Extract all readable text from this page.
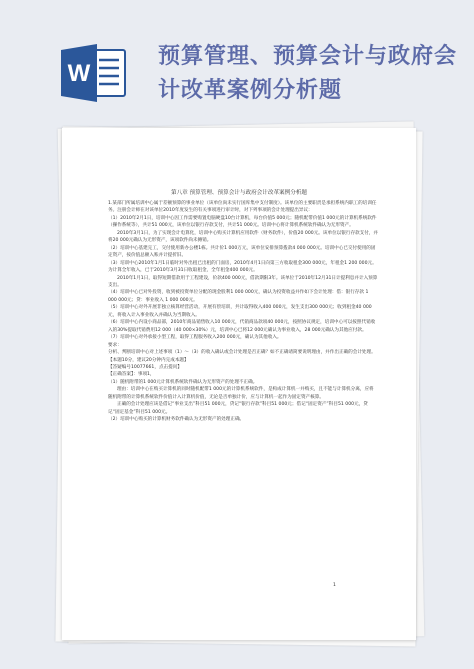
W
预算管理、预算会计与政府会
计改革案例分析题
第八章 预算管理、预算会计与政府会计改革案例分析题

1.某部门所属培训中心属于差额预算的事业单位（该单位尚未实行国库集中支付制度）。该单位的主要职责是承担系统内职工的培训任务。注册会计师在对该单位2010年度发生的有关事项进行审计时，对下列事项的会计处理提出异议：

（1）2010年2月1日，培训中心因工作需要购置电脑硬盘10台计算机，每台价值5 000元；随机配带价值1 000元的计算机系统软件（操作系统等），共计51 000元，该单位以银行存款支付，共计51 000元。培训中心将计算机系统软件确认为无形资产。

2010年3月1日，为了实现会计电算化，培训中心购买计算机应用软件（财务软件），价值20 000元。该单位以银行存款支付，并将20 000元确认为无形资产，该项软件尚未摊销。

（2）培训中心基建完工，交付使用新办公楼1栋。共计价1 000万元，该单位安排预算拨款4 000 000元。培训中心已交付使用的固定资产，按价值总额入账并计提折旧。

（3）培训中心2010年1月1日临时对外出租已出租的门面房，2010年4月1日向第三方收取租金300 000元，年租金1 200 000元。为计算全年收入，已于2010年3月31日收取租金，全年租金400 000元。

2010年1月1日，取得短期借款用于工程建设，价款400 000元，借款期限3年。该单位于2010年12月31日计提利息并计入预算支出。

（4）培训中心已对外投资，收到被投资单位分配的现金股利1 000 000元，确认为投资收益并作如下会计处理：借：银行存款 1 000 000元；贷：事业收入 1 000 000元。

（5）培训中心对外开展非独立核算经营活动，开展有偿培训，共计取得收入400 000元，发生支出300 000元；收到租金40 000元，将收入计入事业收入并确认为当期收入。

（6）培训中心内设小商品部，2010年商品销售收入10 000元，代销商品款项40 000元，按照协议规定，培训中心可以按照代销收入的30%提取代销费用12 000（40 000×30%）元，培训中心已将12 000元确认为事业收入，28 000元确认为其他应付款。

（7）培训中心对外承接小型工程，取得工程服务收入200 000元，确认为其他收入。

要求：

分析、判断培训中心对上述事项（1）～（3）的收入确认或会计处理是否正确？如不正确请简要说明理由，并作出正确的会计处理。

【本题10分，建议20分钟内完成本题】

【答疑编号10077661，点击提问】

【正确答案】：事项1，

（1）随机附带的1 000元计算机系统软件确认为无形资产的处理不正确。

理由：培训中心在购买计算机的同时随机配带1 000元的计算机系统软件，是构成计算机一并购买，且不能与计算机分离，应将随机附带的计算机系统软件价值计入计算机价值，无论是否单独计价，应与计算机一起作为固定资产核算。

正确的会计处理应该是借记“事业支出”科目51 000元，贷记“银行存款”科目51 000元；借记“固定资产”科目51 000元，贷记“固定基金”科目51 000元。

（2）培训中心购买的计算机财务软件确认为无形资产的处理正确。

1
